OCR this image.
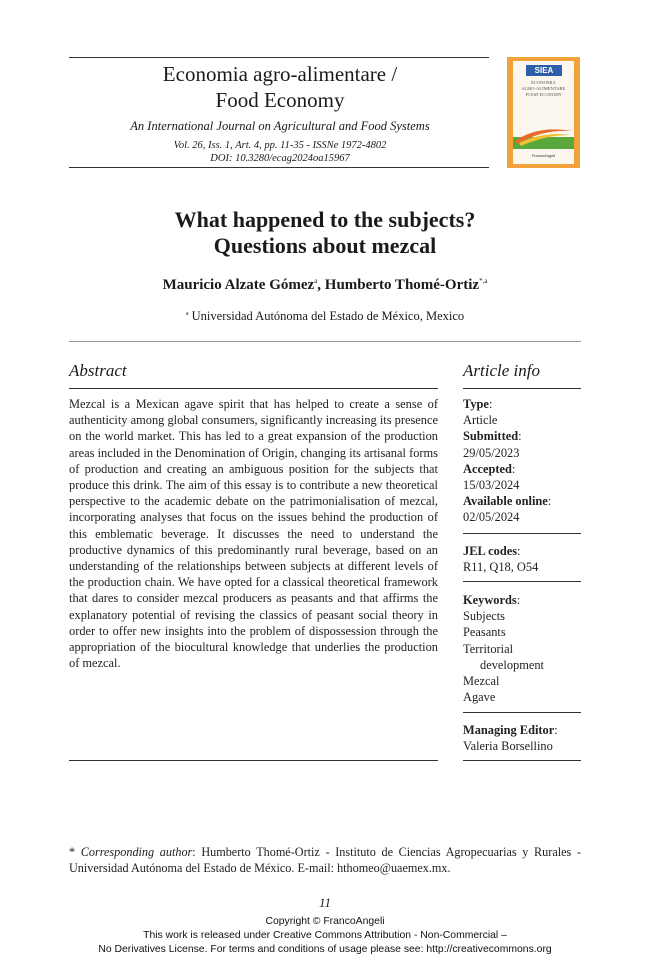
Economia agro-alimentare /
Food Economy
An International Journal on Agricultural and Food Systems
Vol. 26, Iss. 1, Art. 4, pp. 11-35 - ISSNe 1972-4802
DOI: 10.3280/ecag2024oa15967
SIEA
ECONOMIA
AGRO-ALIMENTARE
FOOD ECONOMY
FrancoAngeli
What happened to the subjects?
Questions about mezcal
Mauricio Alzate Gómez$^a$, Humberto Thomé-Ortiz$^{*,a}$
$^a$ Universidad Autónoma del Estado de México, Mexico
Abstract
Mezcal is a Mexican agave spirit that has helped to create a sense of authenticity among global consumers, significantly increasing its presence on the world market. This has led to a great expansion of the production areas included in the Denomination of Origin, changing its artisanal forms of production and creating an ambiguous position for the subjects that produce this drink. The aim of this essay is to contribute a new theoretical perspective to the academic debate on the patrimonialisation of mezcal, incorporating analyses that focus on the issues behind the production of this emblematic beverage. It discusses the need to understand the productive dynamics of this predominantly rural beverage, based on an understanding of the relationships between subjects at different levels of the production chain. We have opted for a classical theoretical framework that dares to consider mezcal producers as peasants and that affirms the explanatory potential of revising the classics of peasant social theory in order to offer new insights into the problem of dispossession through the appropriation of the biocultural knowledge that underlies the production of mezcal.
Article info
Type:
Article
Submitted:
29/05/2023
Accepted:
15/03/2024
Available online:
02/05/2024
JEL codes:
R11, Q18, O54
Keywords:
Subjects
Peasants
Territorial
development
Mezcal
Agave
Managing Editor:
Valeria Borsellino
* Corresponding author: Humberto Thomé-Ortiz - Instituto de Ciencias Agropecuarias y Rurales - Universidad Autónoma del Estado de México. E-mail: hthomeo@uaemex.mx.
11
Copyright © FrancoAngeli
This work is released under Creative Commons Attribution - Non-Commercial –
No Derivatives License. For terms and conditions of usage please see: http://creativecommons.org
